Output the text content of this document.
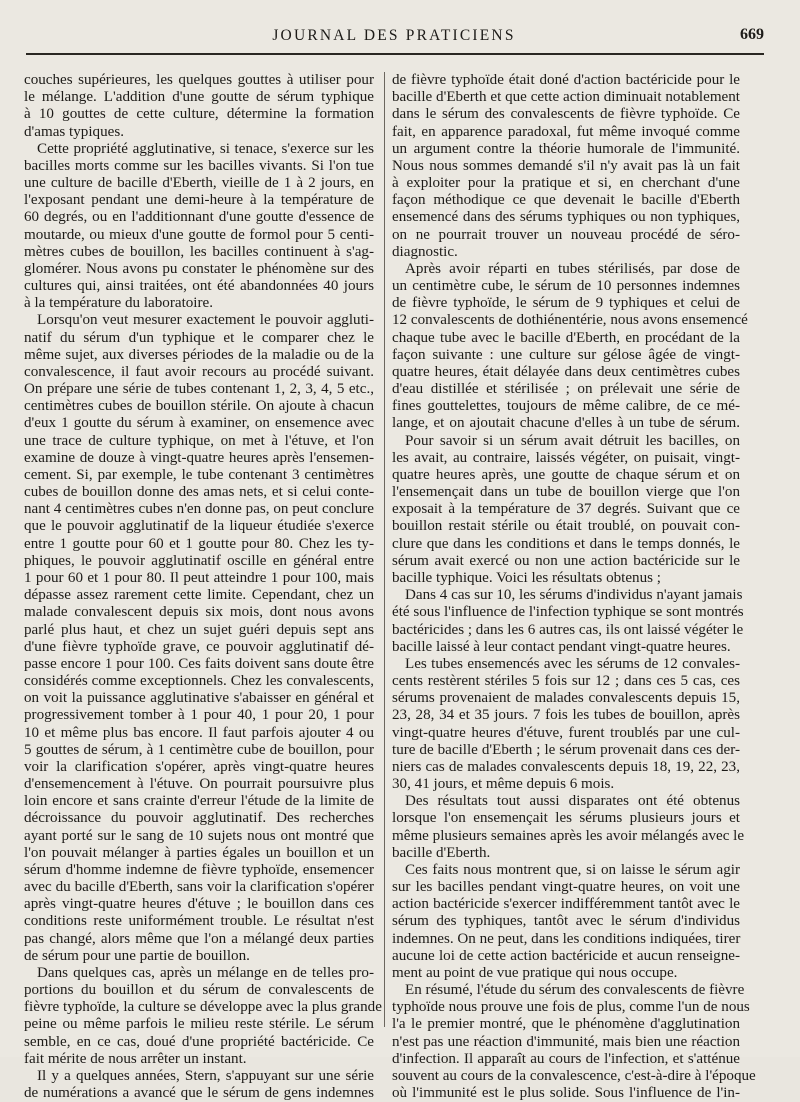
JOURNAL DES PRATICIENS	669
couches supérieures, les quelques gouttes à utiliser pour
le mélange. L'addition d'une goutte de sérum typhique
à 10 gouttes de cette culture, détermine la formation
d'amas typiques.
Cette propriété agglutinative, si tenace, s'exerce sur les
bacilles morts comme sur les bacilles vivants. Si l'on tue
une culture de bacille d'Eberth, vieille de 1 à 2 jours, en
l'exposant pendant une demi-heure à la température de
60 degrés, ou en l'additionnant d'une goutte d'essence de
moutarde, ou mieux d'une goutte de formol pour 5 centi-
mètres cubes de bouillon, les bacilles continuent à s'ag-
glomérer. Nous avons pu constater le phénomène sur des
cultures qui, ainsi traitées, ont été abandonnées 40 jours
à la température du laboratoire.
Lorsqu'on veut mesurer exactement le pouvoir aggluti-
natif du sérum d'un typhique et le comparer chez le
même sujet, aux diverses périodes de la maladie ou de la
convalescence, il faut avoir recours au procédé suivant.
On prépare une série de tubes contenant 1, 2, 3, 4, 5 etc.,
centimètres cubes de bouillon stérile. On ajoute à chacun
d'eux 1 goutte du sérum à examiner, on ensemence avec
une trace de culture typhique, on met à l'étuve, et l'on
examine de douze à vingt-quatre heures après l'ensemen-
cement. Si, par exemple, le tube contenant 3 centimètres
cubes de bouillon donne des amas nets, et si celui conte-
nant 4 centimètres cubes n'en donne pas, on peut conclure
que le pouvoir agglutinatif de la liqueur étudiée s'exerce
entre 1 goutte pour 60 et 1 goutte pour 80. Chez les ty-
phiques, le pouvoir agglutinatif oscille en général entre
1 pour 60 et 1 pour 80. Il peut atteindre 1 pour 100, mais
dépasse assez rarement cette limite. Cependant, chez un
malade convalescent depuis six mois, dont nous avons
parlé plus haut, et chez un sujet guéri depuis sept ans
d'une fièvre typhoïde grave, ce pouvoir agglutinatif dé-
passe encore 1 pour 100. Ces faits doivent sans doute être
considérés comme exceptionnels. Chez les convalescents,
on voit la puissance agglutinative s'abaisser en général et
progressivement tomber à 1 pour 40, 1 pour 20, 1 pour
10 et même plus bas encore. Il faut parfois ajouter 4 ou
5 gouttes de sérum, à 1 centimètre cube de bouillon, pour
voir la clarification s'opérer, après vingt-quatre heures
d'ensemencement à l'étuve. On pourrait poursuivre plus
loin encore et sans crainte d'erreur l'étude de la limite de
décroissance du pouvoir agglutinatif. Des recherches
ayant porté sur le sang de 10 sujets nous ont montré que
l'on pouvait mélanger à parties égales un bouillon et un
sérum d'homme indemne de fièvre typhoïde, ensemencer
avec du bacille d'Eberth, sans voir la clarification s'opérer
après vingt-quatre heures d'étuve ; le bouillon dans ces
conditions reste uniformément trouble. Le résultat n'est
pas changé, alors même que l'on a mélangé deux parties
de sérum pour une partie de bouillon.
Dans quelques cas, après un mélange en de telles pro-
portions du bouillon et du sérum de convalescents de
fièvre typhoïde, la culture se développe avec la plus grande
peine ou même parfois le milieu reste stérile. Le sérum
semble, en ce cas, doué d'une propriété bactéricide. Ce
fait mérite de nous arrêter un instant.
Il y a quelques années, Stern, s'appuyant sur une série
de numérations a avancé que le sérum de gens indemnes
de fièvre typhoïde était doné d'action bactéricide pour le
bacille d'Eberth et que cette action diminuait notablement
dans le sérum des convalescents de fièvre typhoïde. Ce
fait, en apparence paradoxal, fut même invoqué comme
un argument contre la théorie humorale de l'immunité.
Nous nous sommes demandé s'il n'y avait pas là un fait
à exploiter pour la pratique et si, en cherchant d'une
façon méthodique ce que devenait le bacille d'Eberth
ensemencé dans des sérums typhiques ou non typhiques,
on ne pourrait trouver un nouveau procédé de séro-
diagnostic.
Après avoir réparti en tubes stérilisés, par dose de
un centimètre cube, le sérum de 10 personnes indemnes
de fièvre typhoïde, le sérum de 9 typhiques et celui de
12 convalescents de dothiénentérie, nous avons ensemencé
chaque tube avec le bacille d'Eberth, en procédant de la
façon suivante : une culture sur gélose âgée de vingt-
quatre heures, était délayée dans deux centimètres cubes
d'eau distillée et stérilisée ; on prélevait une série de
fines gouttelettes, toujours de même calibre, de ce mé-
lange, et on ajoutait chacune d'elles à un tube de sérum.
Pour savoir si un sérum avait détruit les bacilles, on
les avait, au contraire, laissés végéter, on puisait, vingt-
quatre heures après, une goutte de chaque sérum et on
l'ensemençait dans un tube de bouillon vierge que l'on
exposait à la température de 37 degrés. Suivant que ce
bouillon restait stérile ou était troublé, on pouvait con-
clure que dans les conditions et dans le temps donnés, le
sérum avait exercé ou non une action bactéricide sur le
bacille typhique. Voici les résultats obtenus ;
Dans 4 cas sur 10, les sérums d'individus n'ayant jamais
été sous l'influence de l'infection typhique se sont montrés
bactéricides ; dans les 6 autres cas, ils ont laissé végéter le
bacille laissé à leur contact pendant vingt-quatre heures.
Les tubes ensemencés avec les sérums de 12 convales-
cents restèrent stériles 5 fois sur 12 ; dans ces 5 cas, ces
sérums provenaient de malades convalescents depuis 15,
23, 28, 34 et 35 jours. 7 fois les tubes de bouillon, après
vingt-quatre heures d'étuve, furent troublés par une cul-
ture de bacille d'Eberth ; le sérum provenait dans ces der-
niers cas de malades convalescents depuis 18, 19, 22, 23,
30, 41 jours, et même depuis 6 mois.
Des résultats tout aussi disparates ont été obtenus
lorsque l'on ensemençait les sérums plusieurs jours et
même plusieurs semaines après les avoir mélangés avec le
bacille d'Eberth.
Ces faits nous montrent que, si on laisse le sérum agir
sur les bacilles pendant vingt-quatre heures, on voit une
action bactéricide s'exercer indifféremment tantôt avec le
sérum des typhiques, tantôt avec le sérum d'individus
indemnes. On ne peut, dans les conditions indiquées, tirer
aucune loi de cette action bactéricide et aucun renseigne-
ment au point de vue pratique qui nous occupe.
En résumé, l'étude du sérum des convalescents de fièvre
typhoïde nous prouve une fois de plus, comme l'un de nous
l'a le premier montré, que le phénomène d'agglutination
n'est pas une réaction d'immunité, mais bien une réaction
d'infection. Il apparaît au cours de l'infection, et s'atténue
souvent au cours de la convalescence, c'est-à-dire à l'époque
où l'immunité est le plus solide. Sous l'influence de l'in-
